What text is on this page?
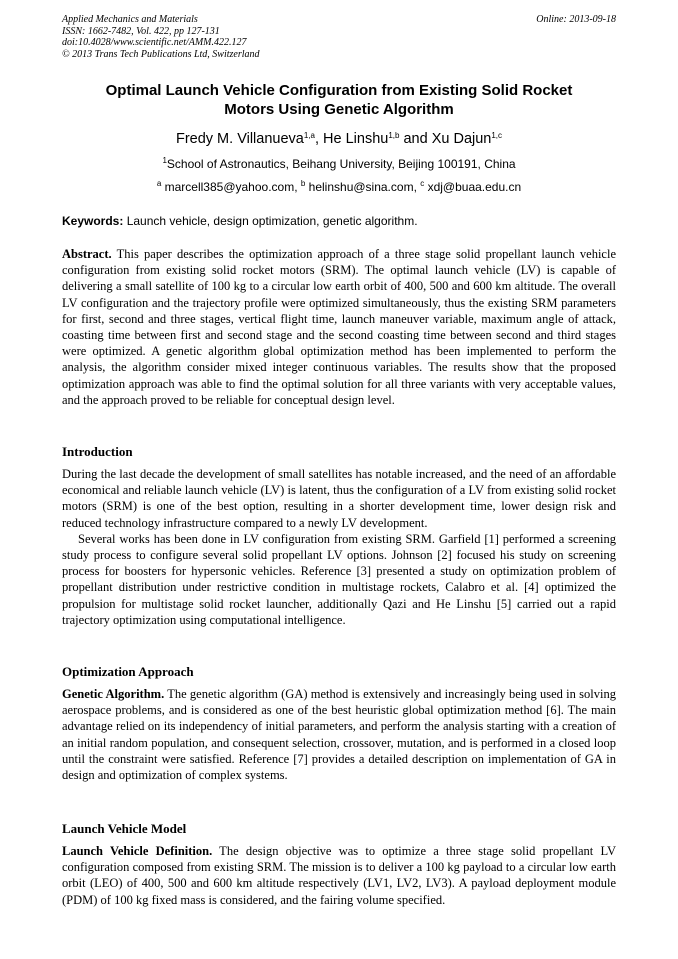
Applied Mechanics and Materials
ISSN: 1662-7482, Vol. 422, pp 127-131
doi:10.4028/www.scientific.net/AMM.422.127
© 2013 Trans Tech Publications Ltd, Switzerland
Online: 2013-09-18
Optimal Launch Vehicle Configuration from Existing Solid Rocket
Motors Using Genetic Algorithm
Fredy M. Villanueva$^{1,a}$, He Linshu$^{1,b}$ and Xu Dajun$^{1,c}$
$^1$School of Astronautics, Beihang University, Beijing 100191, China
$^a$ marcell385@yahoo.com, $^b$ helinshu@sina.com, $^c$ xdj@buaa.edu.cn
Keywords: Launch vehicle, design optimization, genetic algorithm.

Abstract. This paper describes the optimization approach of a three stage solid propellant launch vehicle configuration from existing solid rocket motors (SRM). The optimal launch vehicle (LV) is capable of delivering a small satellite of 100 kg to a circular low earth orbit of 400, 500 and 600 km altitude. The overall LV configuration and the trajectory profile were optimized simultaneously, thus the existing SRM parameters for first, second and three stages, vertical flight time, launch maneuver variable, maximum angle of attack, coasting time between first and second stage and the second coasting time between second and third stages were optimized. A genetic algorithm global optimization method has been implemented to perform the analysis, the algorithm consider mixed integer continuous variables. The results show that the proposed optimization approach was able to find the optimal solution for all three variants with very acceptable values, and the approach proved to be reliable for conceptual design level.

Introduction

During the last decade the development of small satellites has notable increased, and the need of an affordable economical and reliable launch vehicle (LV) is latent, thus the configuration of a LV from existing solid rocket motors (SRM) is one of the best option, resulting in a shorter development time, lower design risk and reduced technology infrastructure compared to a newly LV development.

Several works has been done in LV configuration from existing SRM. Garfield [1] performed a screening study process to configure several solid propellant LV options. Johnson [2] focused his study on screening process for boosters for hypersonic vehicles. Reference [3] presented a study on optimization problem of propellant distribution under restrictive condition in multistage rockets, Calabro et al. [4] optimized the propulsion for multistage solid rocket launcher, additionally Qazi and He Linshu [5] carried out a rapid trajectory optimization using computational intelligence.

Optimization Approach

Genetic Algorithm. The genetic algorithm (GA) method is extensively and increasingly being used in solving aerospace problems, and is considered as one of the best heuristic global optimization method [6]. The main advantage relied on its independency of initial parameters, and perform the analysis starting with a creation of an initial random population, and consequent selection, crossover, mutation, and is performed in a closed loop until the constraint were satisfied. Reference [7] provides a detailed description on implementation of GA in design and optimization of complex systems.

Launch Vehicle Model

Launch Vehicle Definition. The design objective was to optimize a three stage solid propellant LV configuration composed from existing SRM. The mission is to deliver a 100 kg payload to a circular low earth orbit (LEO) of 400, 500 and 600 km altitude respectively (LV1, LV2, LV3). A payload deployment module (PDM) of 100 kg fixed mass is considered, and the fairing volume specified.
